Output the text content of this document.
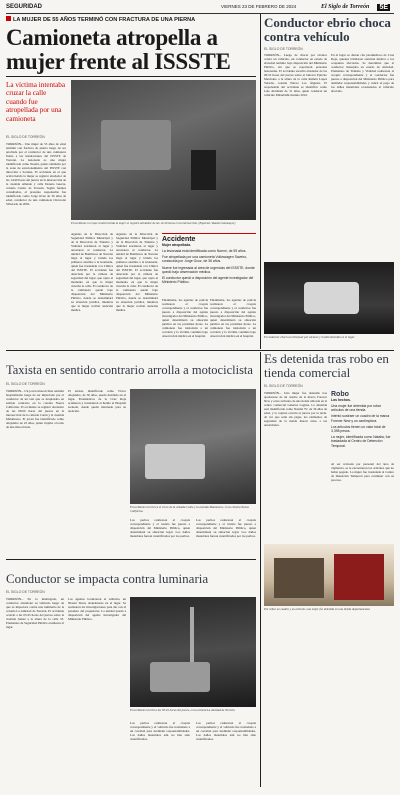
SEGURIDAD	VIERNES 23 DE FEBRERO DE 2024	El Siglo de Torreón 5E
LA MUJER DE 55 AÑOS TERMINÓ CON FRACTURA DE UNA PIERNA
Camioneta atropella a mujer frente al ISSSTE
La víctima intentaba cruzar la calle cuando fue atropellada por una camioneta
EL SIGLO DE TORREÓN
TORREÓN.– Una mujer de 55 años de edad terminó con fractura de pierna luego de ser arrollada por el conductor de una camioneta frente a las instalaciones del ISSSTE de Torreón. La lesionada es una mujer identificada como Noemí, quien caminaba por la zona de estacionamiento del ISSSTE con dirección a Soriana. El accidente en el que acabó herida la mujer se registró alrededor de las 14:40 horas del jueves en la intersección de la avenida Allende y calle Donato Guerra, colonia Centro de Torreón. Según fuentes consultadas, el presunto responsable fue identificado como Jorge Ocuz de 36 años de edad, conductor de una camioneta Chevrolet Silverado de 2002.
El accidente en el que resultó herida la mujer se registró alrededor de las 14:40 horas en la intersección. (Especial / Ramón Sotomayor)
Agentes de la Dirección de Seguridad Pública Municipal y de la Dirección de Tránsito y Vialidad acudieron al lugar y arrestaron al conductor. La unidad de Bomberos de Torreón llegó al lugar y brindó los primeros auxilios a la lesionada, quien fue trasladada a la Clínica del ISSSTE. El accidente fue detectado por la cámara de seguridad del lugar, que captó el momento en que la mujer cruzaba la calle. El conductor de la camioneta quedó bajo disposición del Ministerio Público, donde se determinará su situación jurídica, mientras que la mujer recibió atención médica.
Agentes de la Dirección de Seguridad Pública Municipal y de la Dirección de Tránsito y Vialidad acudieron al lugar y arrestaron al conductor. La unidad de Bomberos de Torreón llegó al lugar y brindó los primeros auxilios a la lesionada, quien fue trasladada a la Clínica del ISSSTE. El accidente fue detectado por la cámara de seguridad del lugar, que captó el momento en que la mujer cruzaba la calle. El conductor de la camioneta quedó bajo disposición del Ministerio Público, donde se determinará su situación jurídica, mientras que la mujer recibió atención médica.
Accidente
Mujer atropellada.
La lesionada está identificada como Noemí, de 55 años.
Fue atropellada por una camioneta Volkswagen Saveiro, conducida por Jorge Ocuz, de 36 años.
Nueve fue ingresada al área de urgencias del ISSSTE, donde quedó bajo observación médica.
El conductor quedó a disposición del agente investigador del Ministerio Público.
Finalmente, los agentes de policía realizaron el croquis correspondiente y el conductor fue puesto a disposición del agente investigador del Ministerio Público, quien determinará su situación jurídica en las próximas horas. La camioneta fue trasladada a un corralón y la víctima continúa bajo observación médica en el hospital.
Finalmente, los agentes de policía realizaron el croquis correspondiente y el conductor fue puesto a disposición del agente investigador del Ministerio Público, quien determinará su situación jurídica en las próximas horas. La camioneta fue trasladada a un corralón y la víctima continúa bajo observación médica en el hospital.
Conductor ebrio choca contra vehículo
EL SIGLO DE TORREÓN
TORREÓN.– Luego de chocar por alcance contra un vehículo, un conductor en estado de ebriedad terminó bajo disposición del Ministerio Público, sin que se reportaran personas lesionadas. El accidente sucedió alrededor de las 00:10 horas del jueves sobre el bulevar Ejército Mexicano a la altura de la calle Ramón López Velarde, colonia Nueva Los Ángeles. El responsable del accidente se identificó como Luis Abraham de 31 años, quien conducía un vehículo Mitsubishi modelo 2016.
En el lugar se dieron cita paramédicos de Cruz Roja, quienes brindaron atención médica a los ocupantes afectados. Se determinó que el conductor manejaba en estado de ebriedad. Elementos de Tránsito y Vialidad realizaron el croquis correspondiente y el conductor fue puesto a disposición del Ministerio Público para deslindar responsabilidades y cubrir el pago de los daños materiales ocasionados al vehículo afectado.
El conductor chocó al colisionar por alcance y resultó detenido en el lugar.
Taxista en sentido contrario arrolla a motociclista
EL SIGLO DE TORREÓN
TORREÓN.– Un joven motociclista terminó hospitalizado luego de ser impactado por el conductor de un taxi que se desplazaba en sentido contrario en la colonia Nueva California. El accidente se registró alrededor de las 06:00 horas del jueves en la intersección de la calzada Colón y la avenida Matamoros. El joven fue identificado como Alejandro de 22 años, quien viajaba a bordo de una motocicleta.
El taxista, identificado como Víctor Alejandro, de 30 años, quedó detenido en el lugar. Paramédicos de la Cruz Roja acudieron y trasladaron al herido al Hospital General, donde quedó internado para su atención.
El accidente ocurrió en el cruce de la calzada Colón y la avenida Matamoros, en la colonia Nueva California.
Los peritos realizaron el croquis correspondiente y el taxista fue puesto a disposición del Ministerio Público, quien determinará su situación legal. Los daños materiales fueron cuantificados por los peritos.
Los peritos realizaron el croquis correspondiente y el taxista fue puesto a disposición del Ministerio Público, quien determinará su situación legal. Los daños materiales fueron cuantificados por los peritos.
Es detenida tras robo en tienda comercial
EL SIGLO DE TORREÓN
TORREÓN.– Una mujer fue detenida tras apoderarse de un cuadro de la marca Forever New y otros artículos de una tienda ubicada en el centro comercial Galerías Laguna. La detenida está identificada como Natalia 'N', de 36 años de edad, y la captura ocurrió el jueves por la tarde. Al ver que salía sin pagar, los elementos de seguridad de la tienda dieron aviso a las autoridades.
Robo
Los hechos.
Una mujer fue detenida por robar artículos de una tienda.
Intentó sustraer un cuadro de la marca Forever New y un cantimplora.
Los artículos tienen un valor total de 3,398 pesos.
La mujer, identificada como Natalia, fue trasladada al Centro de Detención Temporal.
Al ser revisada por personal del área de vigilancia, se le encontraron los artículos que no había pagado. La mujer fue trasladada al Centro de Detención Temporal para continuar con su proceso.
Por robar un cuadro y un artículo, una mujer fue detenida en una tienda departamental.
Conductor se impacta contra luminaria
EL SIGLO DE TORREÓN
TORREÓN.– En la madrugada, un conductor abandonó su vehículo luego de que se impactara contra una luminaria de la colonia La Amistad de Torreón. El accidente ocurrió a las 03:45 horas del jueves sobre la avenida Juárez a la altura de la calle 33. Elementos de Seguridad Pública acudieron al lugar.
Los agentes localizaron el vehículo, un Nissan Tsuru, abandonado en el lugar. Se realizaron las investigaciones para dar con el paradero del propietario. La unidad quedó a disposición del agente investigador del Ministerio Público.
El accidente ocurrió a las 03:45 horas del jueves, en la colonia La Amistad de Torreón.
Los peritos realizaron el croquis correspondiente y el vehículo fue trasladado a un corralón para deslindar responsabilidades. Los daños materiales aún no han sido cuantificados.
Los peritos realizaron el croquis correspondiente y el vehículo fue trasladado a un corralón para deslindar responsabilidades. Los daños materiales aún no han sido cuantificados.
